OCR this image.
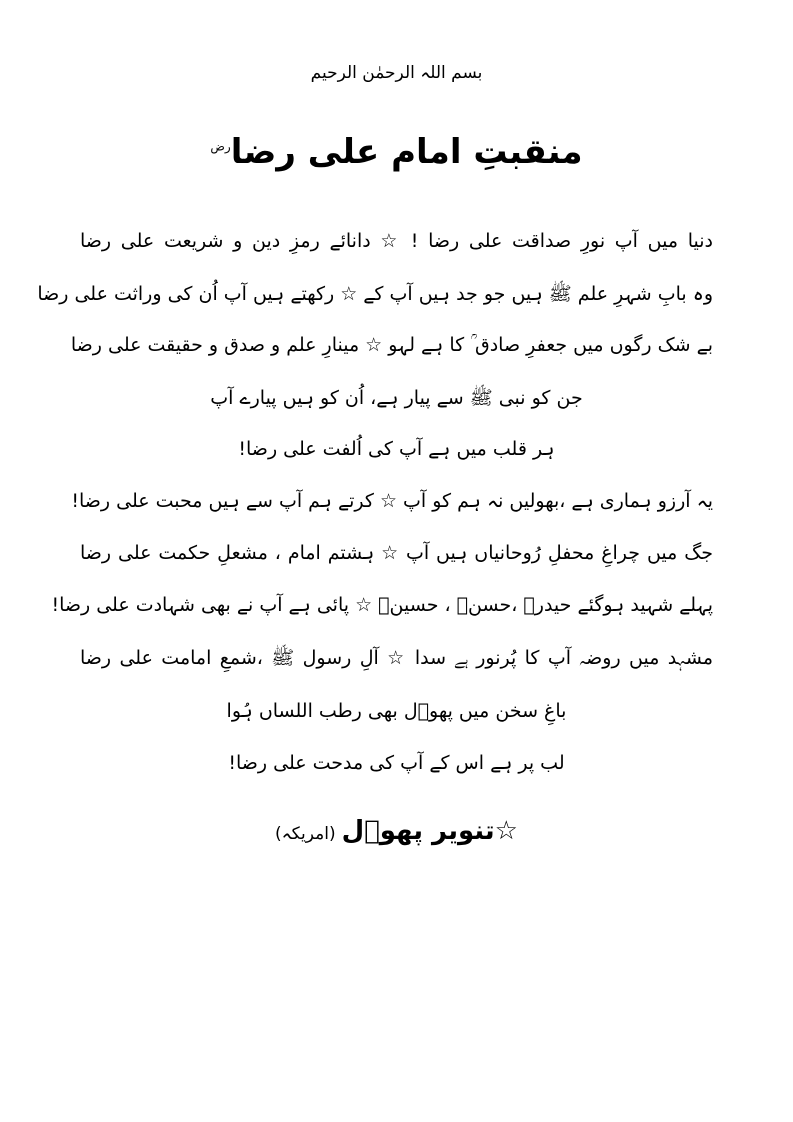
بسم اللہ الرحمٰن الرحیم
منقبتِ امام علی رضا$^{رض}$
دنیا میں آپ نورِ صداقت علی رضا ! ☆ دانائے رمزِ دین و شریعت علی رضا
وہ بابِ شہرِ علم ﷺ ہیں جو جد ہیں آپ کے ☆ رکھتے ہیں آپ اُن کی وراثت علی رضا
بے شک رگوں میں جعفرِ صادق ؒ کا ہے لہو ☆ مینارِ علم و صدق و حقیقت علی رضا
جن کو نبی ﷺ سے پیار ہے، اُن کو ہیں پیارے آپ
ہر قلب میں ہے آپ کی اُلفت علی رضا!
یہ آرزو ہماری ہے ،بھولیں نہ ہم کو آپ ☆ کرتے ہم آپ سے ہیں محبت علی رضا!
جگ میں چراغِ محفلِ رُوحانیاں ہیں آپ ☆ ہشتم امام ، مشعلِ حکمت علی رضا
پہلے شہید ہوگئے حیدرؓ ،حسنؓ ، حسینؓ ☆ پائی ہے آپ نے بھی شہادت علی رضا!
مشہد میں روضہ آپ کا پُرنور ہے سدا ☆ آلِ رسول ﷺ ،شمعِ امامت علی رضا
باغِ سخن میں پھوؔل بھی رطب اللساں ہُوا
لب پر ہے اس کے آپ کی مدحت علی رضا!
☆تنویر پھوؔل(امریکہ)
